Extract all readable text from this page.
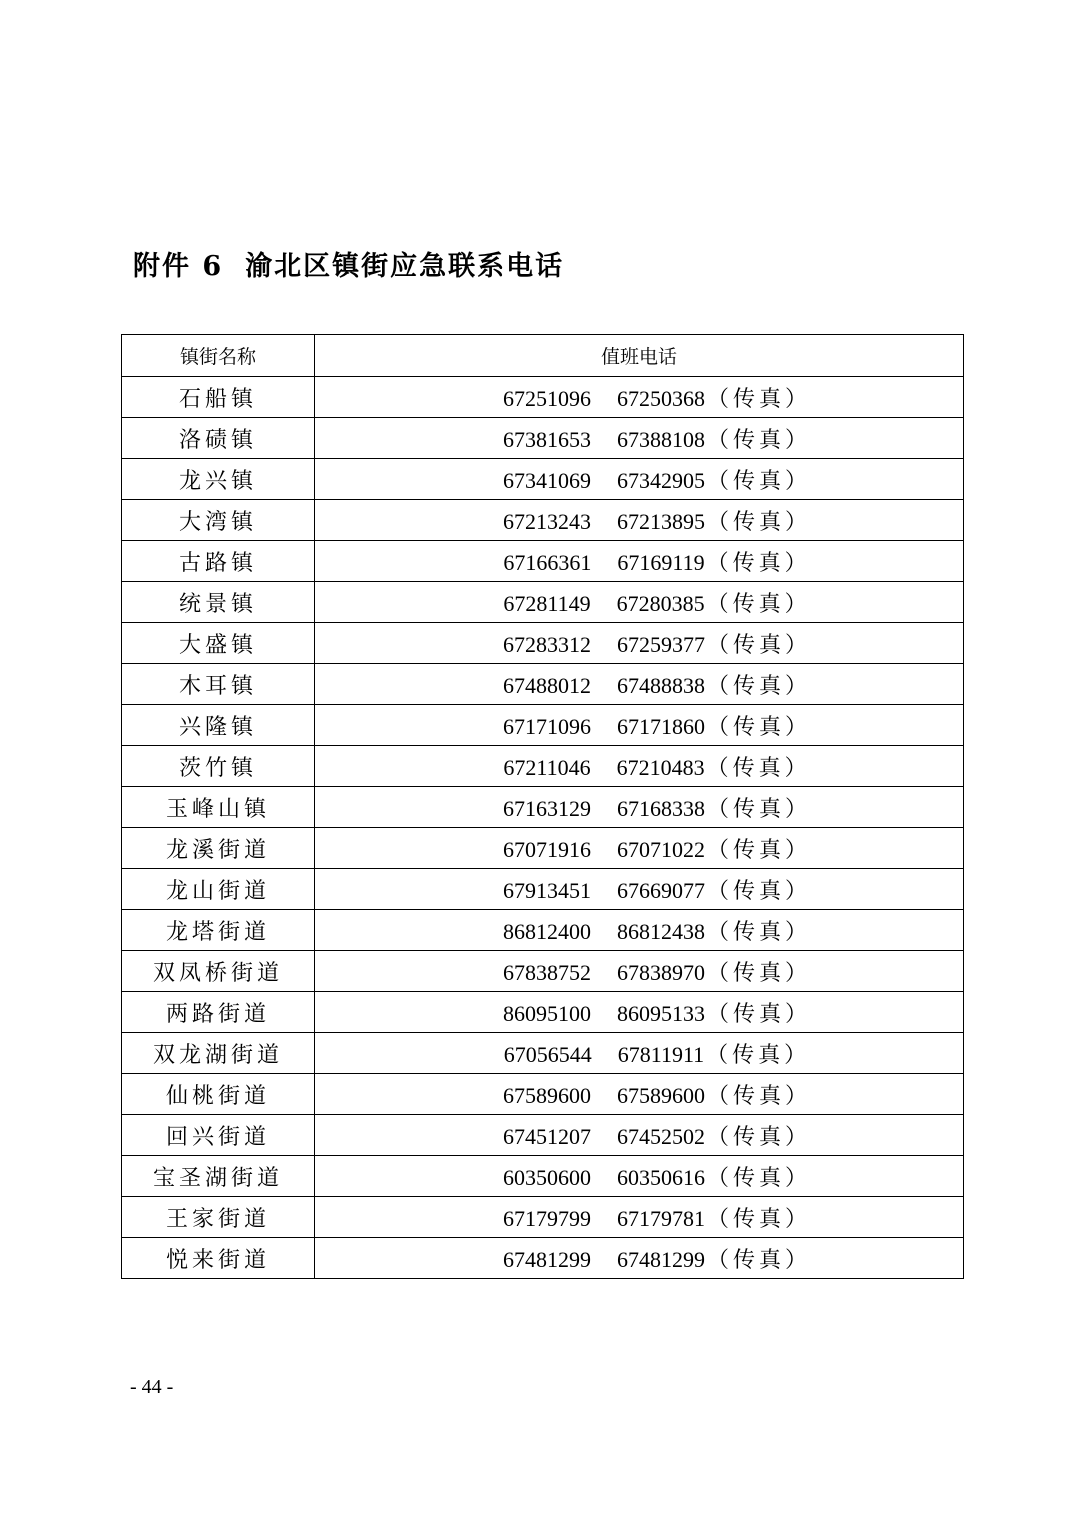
附件 6 渝北区镇街应急联系电话
镇街名称	值班电话
石船镇	67251096 67250368（传真）
洛碛镇	67381653 67388108（传真）
龙兴镇	67341069 67342905（传真）
大湾镇	67213243 67213895（传真）
古路镇	67166361 67169119（传真）
统景镇	67281149 67280385（传真）
大盛镇	67283312 67259377（传真）
木耳镇	67488012 67488838（传真）
兴隆镇	67171096 67171860（传真）
茨竹镇	67211046 67210483（传真）
玉峰山镇	67163129 67168338（传真）
龙溪街道	67071916 67071022（传真）
龙山街道	67913451 67669077（传真）
龙塔街道	86812400 86812438（传真）
双凤桥街道	67838752 67838970（传真）
两路街道	86095100 86095133（传真）
双龙湖街道	67056544 67811911（传真）
仙桃街道	67589600 67589600（传真）
回兴街道	67451207 67452502（传真）
宝圣湖街道	60350600 60350616（传真）
王家街道	67179799 67179781（传真）
悦来街道	67481299 67481299（传真）
- 44 -
